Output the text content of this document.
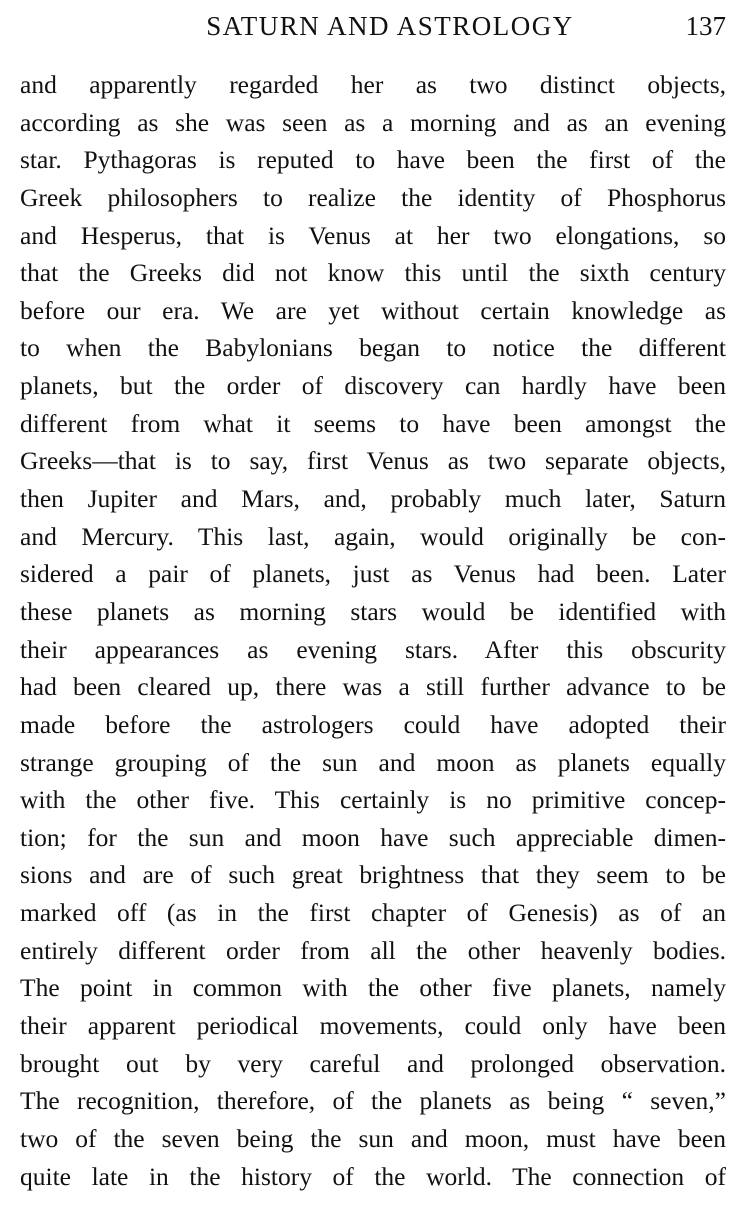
SATURN AND ASTROLOGY	137
and apparently regarded her as two distinct objects,
according as she was seen as a morning and as an evening
star. Pythagoras is reputed to have been the first of the
Greek philosophers to realize the identity of Phosphorus
and Hesperus, that is Venus at her two elongations, so
that the Greeks did not know this until the sixth century
before our era. We are yet without certain knowledge as
to when the Babylonians began to notice the different
planets, but the order of discovery can hardly have been
different from what it seems to have been amongst the
Greeks—that is to say, first Venus as two separate objects,
then Jupiter and Mars, and, probably much later, Saturn
and Mercury. This last, again, would originally be con-
sidered a pair of planets, just as Venus had been. Later
these planets as morning stars would be identified with
their appearances as evening stars. After this obscurity
had been cleared up, there was a still further advance to be
made before the astrologers could have adopted their
strange grouping of the sun and moon as planets equally
with the other five. This certainly is no primitive concep-
tion; for the sun and moon have such appreciable dimen-
sions and are of such great brightness that they seem to be
marked off (as in the first chapter of Genesis) as of an
entirely different order from all the other heavenly bodies.
The point in common with the other five planets, namely
their apparent periodical movements, could only have been
brought out by very careful and prolonged observation.
The recognition, therefore, of the planets as being “ seven,”
two of the seven being the sun and moon, must have been
quite late in the history of the world. The connection of
